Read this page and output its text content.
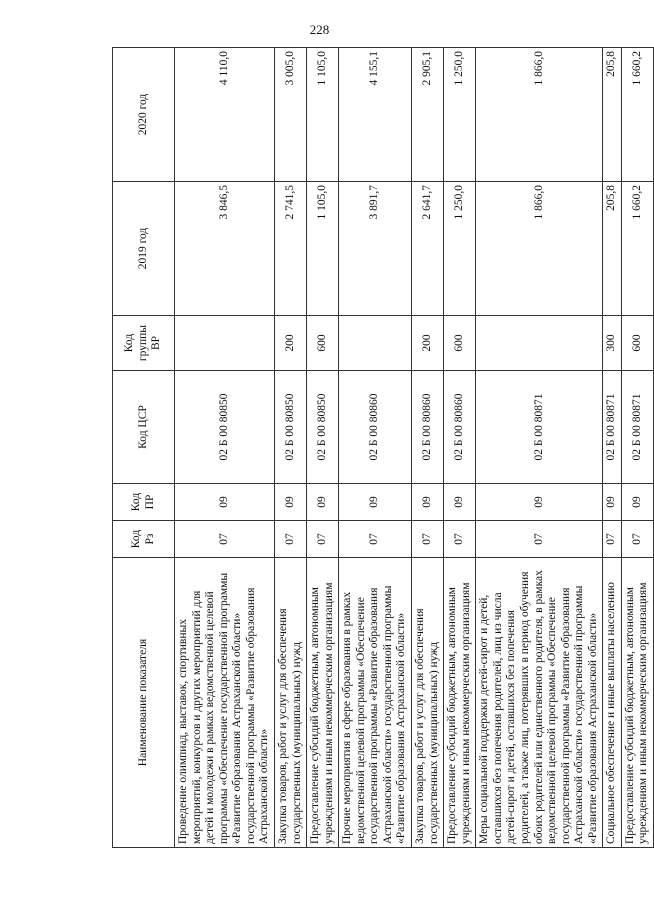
228
Наименование показателя	Код Рз	Код ПР	Код ЦСР	Код группы ВР	2019 год	2020 год
Проведение олимпиад, выставок, спортивных мероприятий, конкурсов и других мероприятий для детей и молодежи в рамках ведомственной целевой программы «Обеспечение государственной программы «Развитие образования Астраханской области» государственной программы «Развитие образования Астраханской области»	07	09	02 Б 00 80850		3 846,5	4 110,0
Закупка товаров, работ и услуг для обеспечения государственных (муниципальных) нужд	07	09	02 Б 00 80850	200	2 741,5	3 005,0
Предоставление субсидий бюджетным, автономным учреждениям и иным некоммерческим организациям	07	09	02 Б 00 80850	600	1 105,0	1 105,0
Прочие мероприятия в сфере образования в рамках ведомственной целевой программы «Обеспечение государственной программы «Развитие образования Астраханской области» государственной программы «Развитие образования Астраханской области»	07	09	02 Б 00 80860		3 891,7	4 155,1
Закупка товаров, работ и услуг для обеспечения государственных (муниципальных) нужд	07	09	02 Б 00 80860	200	2 641,7	2 905,1
Предоставление субсидий бюджетным, автономным учреждениям и иным некоммерческим организациям	07	09	02 Б 00 80860	600	1 250,0	1 250,0
Меры социальной поддержки детей-сирот и детей, оставшихся без попечения родителей, лиц из числа детей-сирот и детей, оставшихся без попечения родителей, а также лиц, потерявших в период обучения обоих родителей или единственного родителя, в рамках ведомственной целевой программы «Обеспечение государственной программы «Развитие образования Астраханской области» государственной программы «Развитие образования Астраханской области»	07	09	02 Б 00 80871		1 866,0	1 866,0
Социальное обеспечение и иные выплаты населению	07	09	02 Б 00 80871	300	205,8	205,8
Предоставление субсидий бюджетным, автономным учреждениям и иным некоммерческим организациям	07	09	02 Б 00 80871	600	1 660,2	1 660,2
